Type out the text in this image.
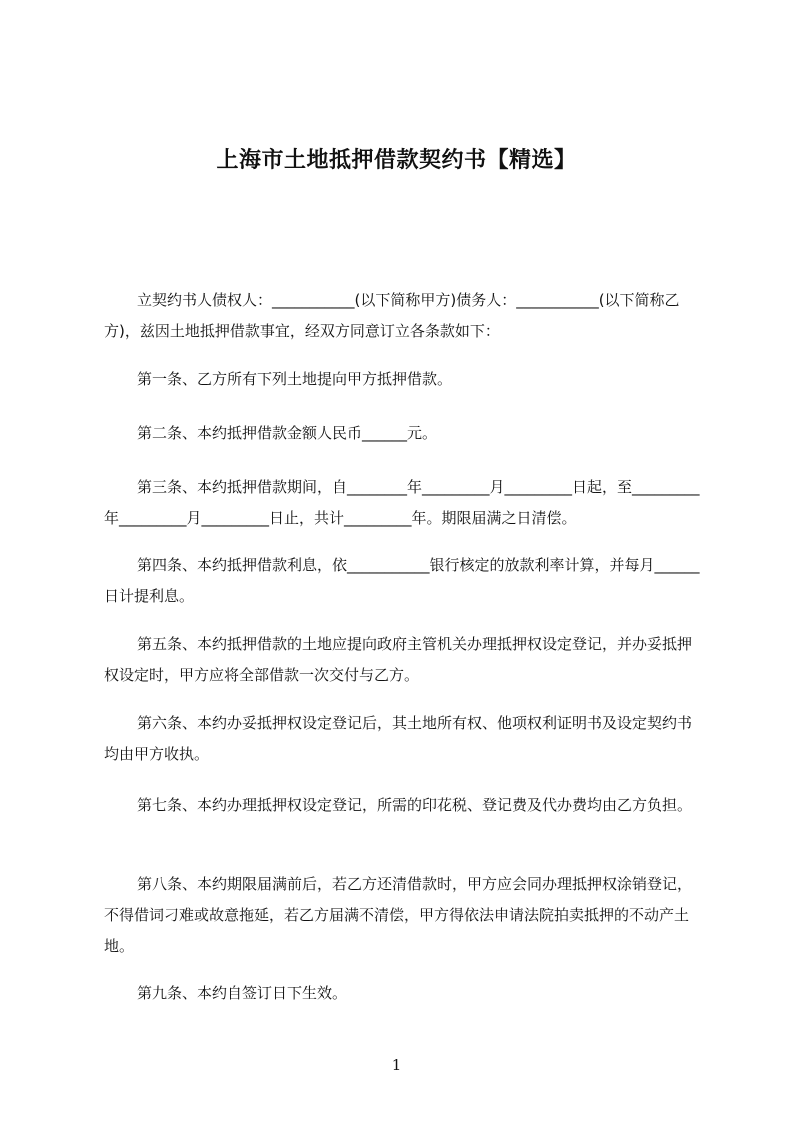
上海市土地抵押借款契约书【精选】

立契约书人债权人：___________(以下简称甲方)债务人：___________(以下简称乙方)，兹因土地抵押借款事宜，经双方同意订立各条款如下：

第一条、乙方所有下列土地提向甲方抵押借款。

第二条、本约抵押借款金额人民币______元。

第三条、本约抵押借款期间，自________年_________月_________日起，至_________年_________月_________日止，共计_________年。期限届满之日清偿。

第四条、本约抵押借款利息，依___________银行核定的放款利率计算，并每月______日计提利息。

第五条、本约抵押借款的土地应提向政府主管机关办理抵押权设定登记，并办妥抵押权设定时，甲方应将全部借款一次交付与乙方。

第六条、本约办妥抵押权设定登记后，其土地所有权、他项权利证明书及设定契约书均由甲方收执。

第七条、本约办理抵押权设定登记，所需的印花税、登记费及代办费均由乙方负担。

第八条、本约期限届满前后，若乙方还清借款时，甲方应会同办理抵押权涂销登记，不得借词刁难或故意拖延，若乙方届满不清偿，甲方得依法申请法院拍卖抵押的不动产土地。

第九条、本约自签订日下生效。

1
